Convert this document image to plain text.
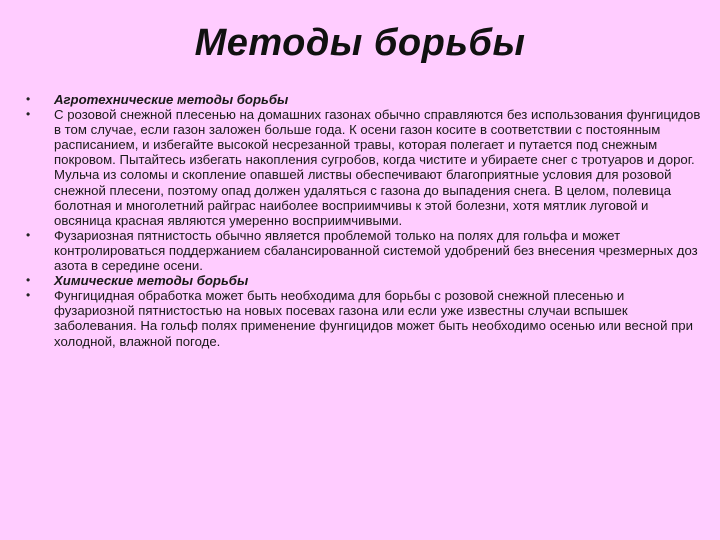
Методы борьбы
•	Агротехнические методы борьбы
•	С розовой снежной плесенью на домашних газонах обычно справляются без использования фунгицидов в том случае, если газон заложен больше года. К осени газон косите в соответствии с постоянным расписанием, и избегайте высокой несрезанной травы, которая полегает и путается под снежным покровом. Пытайтесь избегать накопления сугробов, когда чистите и убираете снег с тротуаров и дорог. Мульча из соломы и скопление опавшей листвы обеспечивают благоприятные условия для розовой снежной плесени, поэтому опад должен удаляться с газона до выпадения снега. В целом, полевица болотная и многолетний райграс наиболее восприимчивы к этой болезни, хотя мятлик луговой и овсяница красная являются умеренно восприимчивыми.
•	Фузариозная пятнистость обычно является проблемой только на полях для гольфа и может контролироваться поддержанием сбалансированной системой удобрений без внесения чрезмерных доз азота в середине осени.
•	Химические методы борьбы
•	Фунгицидная обработка может быть необходима для борьбы с розовой снежной плесенью и фузариозной пятнистостью на новых посевах газона или если уже известны случаи вспышек заболевания. На гольф полях применение фунгицидов может быть необходимо осенью или весной при холодной, влажной погоде.
